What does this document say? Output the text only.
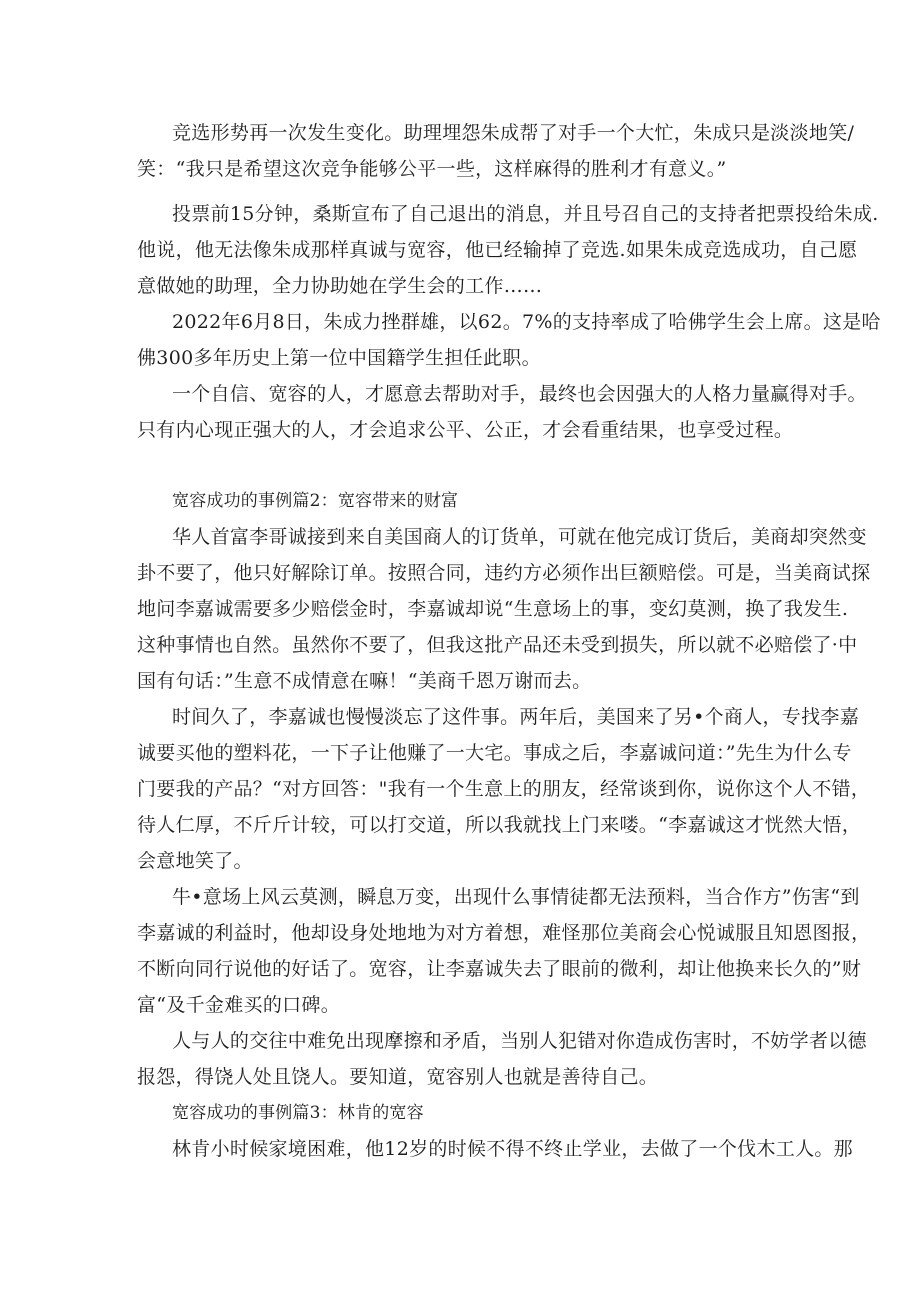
竞选形势再一次发生变化。助理埋怨朱成帮了对手一个大忙，朱成只是淡淡地笑/
笑：“我只是希望这次竞争能够公平一些，这样麻得的胜利才有意义。”
投票前15分钟，桑斯宣布了自己退出的消息，并且号召自己的支持者把票投给朱成.
他说，他无法像朱成那样真诚与宽容，他已经输掉了竞选.如果朱成竞选成功，自己愿
意做她的助理，全力协助她在学生会的工作……
2022年6月8日，朱成力挫群雄，以62。7%的支持率成了哈佛学生会上席。这是哈
佛300多年历史上第一位中国籍学生担任此职。
一个自信、宽容的人，才愿意去帮助对手，最终也会因强大的人格力量赢得对手。
只有内心现正强大的人，才会追求公平、公正，才会看重结果，也享受过程。
宽容成功的事例篇2：宽容带来的财富
华人首富李哥诚接到来自美国商人的订货单，可就在他完成订货后，美商却突然变
卦不要了，他只好解除订单。按照合同，违约方必须作出巨额赔偿。可是，当美商试探
地问李嘉诚需要多少赔偿金时，李嘉诚却说“生意场上的事，变幻莫测，换了我发生.
这种事情也自然。虽然你不要了，但我这批产品还未受到损失，所以就不必赔偿了·中
国有句话：”生意不成情意在嘛！“美商千恩万谢而去。
时间久了，李嘉诚也慢慢淡忘了这件事。两年后，美国来了另•个商人，专找李嘉
诚要买他的塑料花，一下子让他赚了一大宅。事成之后，李嘉诚问道：”先生为什么专
门要我的产品？“对方回答："我有一个生意上的朋友，经常谈到你，说你这个人不错，
待人仁厚，不斤斤计较，可以打交道，所以我就找上门来喽。“李嘉诚这才恍然大悟，
会意地笑了。
牛•意场上风云莫测，瞬息万变，出现什么事情徒都无法预料，当合作方”伤害“到
李嘉诚的利益时，他却设身处地地为对方着想，难怪那位美商会心悦诚服且知恩图报，
不断向同行说他的好话了。宽容，让李嘉诚失去了眼前的微利，却让他换来长久的”财
富“及千金难买的口碑。
人与人的交往中难免出现摩擦和矛盾，当别人犯错对你造成伤害时，不妨学者以德
报怨，得饶人处且饶人。要知道，宽容别人也就是善待自己。
宽容成功的事例篇3：林肯的宽容
林肯小时候家境困难，他12岁的时候不得不终止学业，去做了一个伐木工人。那
